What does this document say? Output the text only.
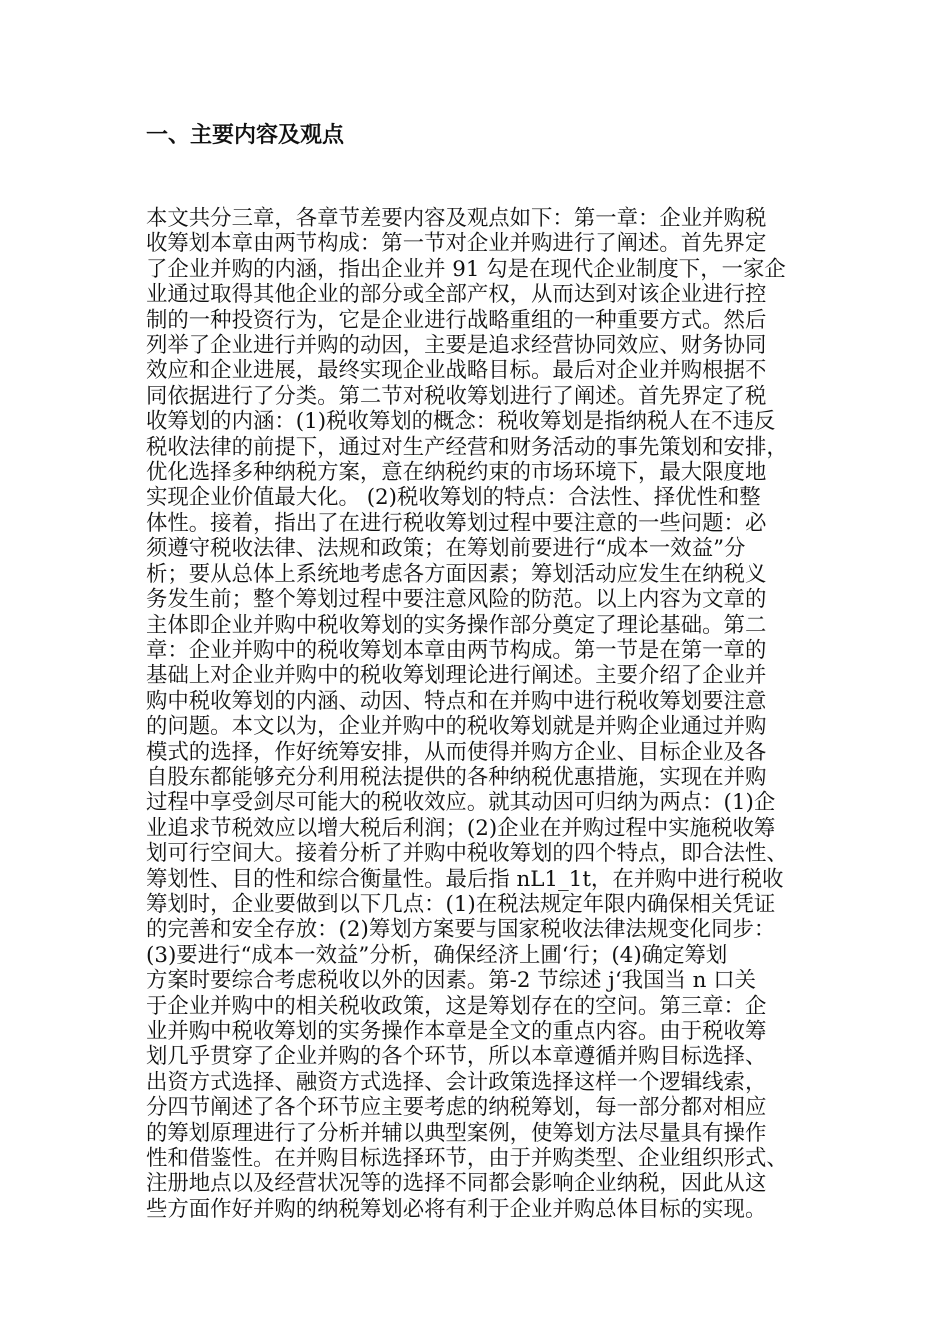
一、主要内容及观点
本文共分三章，各章节差要内容及观点如下：第一章：企业并购税
收筹划本章由两节构成：第一节对企业并购进行了阐述。首先界定
了企业并购的内涵，指出企业并 91 勾是在现代企业制度下，一家企
业通过取得其他企业的部分或全部产权，从而达到对该企业进行控
制的一种投资行为，它是企业进行战略重组的一种重要方式。然后
列举了企业进行并购的动因，主要是追求经营协同效应、财务协同
效应和企业进展，最终实现企业战略目标。最后对企业并购根据不
同依据进行了分类。第二节对税收筹划进行了阐述。首先界定了税
收筹划的内涵：(1)税收筹划的概念：税收筹划是指纳税人在不违反
税收法律的前提下，通过对生产经营和财务活动的事先策划和安排，
优化选择多种纳税方案，意在纳税约束的市场环境下，最大限度地
实现企业价值最大化。 (2)税收筹划的特点：合法性、择优性和整
体性。接着，指出了在进行税收筹划过程中要注意的一些问题：必
须遵守税收法律、法规和政策；在筹划前要进行“成本一效益”分
析；要从总体上系统地考虑各方面因素；筹划活动应发生在纳税义
务发生前；整个筹划过程中要注意风险的防范。以上内容为文章的
主体即企业并购中税收筹划的实务操作部分奠定了理论基础。第二
章：企业并购中的税收筹划本章由两节构成。第一节是在第一章的
基础上对企业并购中的税收筹划理论进行阐述。主要介绍了企业并
购中税收筹划的内涵、动因、特点和在并购中进行税收筹划要注意
的问题。本文以为，企业并购中的税收筹划就是并购企业通过并购
模式的选择，作好统筹安排，从而使得并购方企业、目标企业及各
自股东都能够充分利用税法提供的各种纳税优惠措施，实现在并购
过程中享受剑尽可能大的税收效应。就其动因可归纳为两点：(1)企
业追求节税效应以增大税后利润；(2)企业在并购过程中实施税收筹
划可行空间大。接着分析了并购中税收筹划的四个特点，即合法性、
筹划性、目的性和综合衡量性。最后指 nL1_1t，在并购中进行税收
筹划时，企业要做到以下几点：(1)在税法规定年限内确保相关凭证
的完善和安全存放：(2)筹划方案要与国家税收法律法规变化同步：
(3)要进行“成本一效益”分析，确保经济上圃‘行；(4)确定筹划
方案时要综合考虑税收以外的因素。第-2 节综述 j‘我国当 n 口关
于企业并购中的相关税收政策，这是筹划存在的空问。第三章：企
业并购中税收筹划的实务操作本章是全文的重点内容。由于税收筹
划几乎贯穿了企业并购的各个环节，所以本章遵循并购目标选择、
出资方式选择、融资方式选择、会计政策选择这样一个逻辑线索，
分四节阐述了各个环节应主要考虑的纳税筹划，每一部分都对相应
的筹划原理进行了分析并辅以典型案例，使筹划方法尽量具有操作
性和借鉴性。在并购目标选择环节，由于并购类型、企业组织形式、
注册地点以及经营状况等的选择不同都会影响企业纳税，因此从这
些方面作好并购的纳税筹划必将有利于企业并购总体目标的实现。
